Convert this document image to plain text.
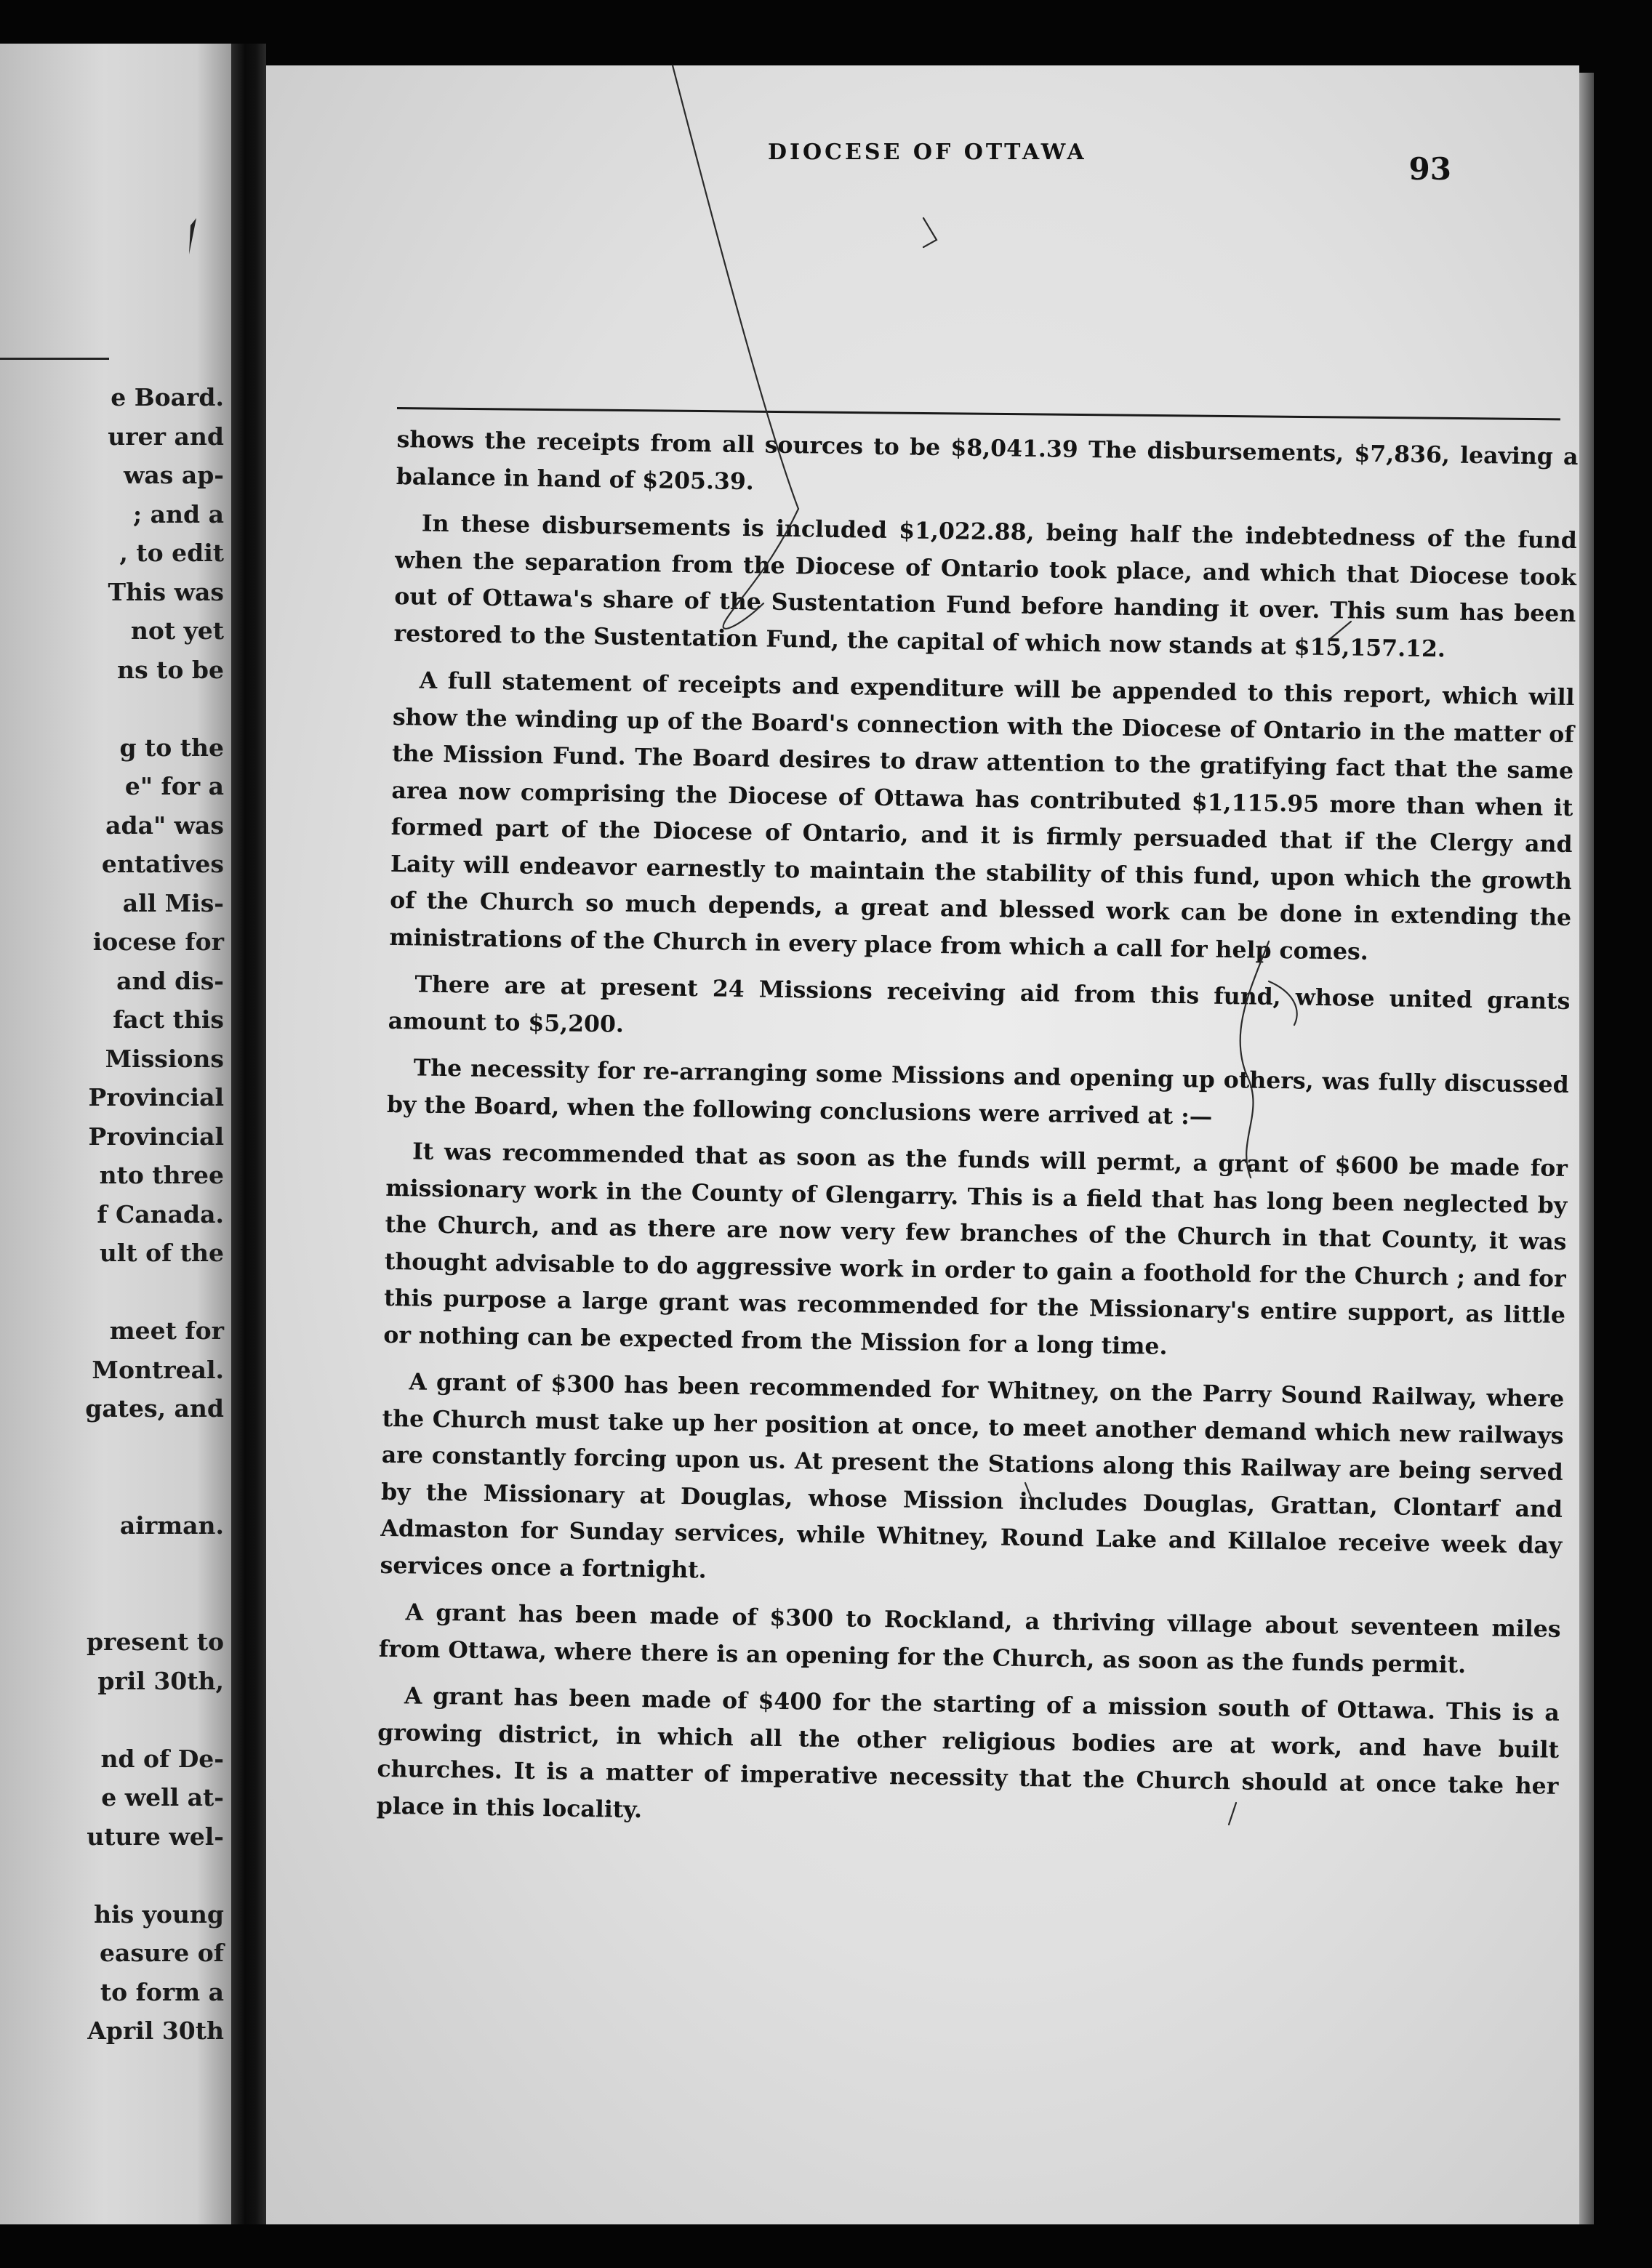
e Board.
urer and
was ap-
; and a
, to edit
This was
not yet
ns to be
g to the
e" for a
ada" was
entatives
all Mis-
iocese for
and dis-
fact this
Missions
Provincial
Provincial
nto three
f Canada.
ult of the
meet for
Montreal.
gates, and
airman.
present to
pril 30th,
nd of De-
e well at-
uture wel-
his young
easure of
to form a
April 30th
DIOCESE OF OTTAWA	93

shows the receipts from all sources to be $8,041.39 The disbursements, $7,836, leaving a balance in hand of $205.39.

In these disbursements is included $1,022.88, being half the indebtedness of the fund when the separation from the Diocese of Ontario took place, and which that Diocese took out of Ottawa's share of the Sustentation Fund before handing it over. This sum has been restored to the Sustentation Fund, the capital of which now stands at $15,157.12.

A full statement of receipts and expenditure will be appended to this report, which will show the winding up of the Board's connection with the Diocese of Ontario in the matter of the Mission Fund. The Board desires to draw attention to the gratifying fact that the same area now comprising the Diocese of Ottawa has contributed $1,115.95 more than when it formed part of the Diocese of Ontario, and it is firmly persuaded that if the Clergy and Laity will endeavor earnestly to maintain the stability of this fund, upon which the growth of the Church so much depends, a great and blessed work can be done in extending the ministrations of the Church in every place from which a call for help comes.

There are at present 24 Missions receiving aid from this fund, whose united grants amount to $5,200.

The necessity for re-arranging some Missions and opening up others, was fully discussed by the Board, when the following conclusions were arrived at :—

It was recommended that as soon as the funds will permt, a grant of $600 be made for missionary work in the County of Glengarry. This is a field that has long been neglected by the Church, and as there are now very few branches of the Church in that County, it was thought advisable to do aggressive work in order to gain a foothold for the Church ; and for this purpose a large grant was recommended for the Missionary's entire support, as little or nothing can be expected from the Mission for a long time.

A grant of $300 has been recommended for Whitney, on the Parry Sound Railway, where the Church must take up her position at once, to meet another demand which new railways are constantly forcing upon us. At present the Stations along this Railway are being served by the Missionary at Douglas, whose Mission includes Douglas, Grattan, Clontarf and Admaston for Sunday services, while Whitney, Round Lake and Killaloe receive week day services once a fortnight.

A grant has been made of $300 to Rockland, a thriving village about seventeen miles from Ottawa, where there is an opening for the Church, as soon as the funds permit.

A grant has been made of $400 for the starting of a mission south of Ottawa. This is a growing district, in which all the other religious bodies are at work, and have built churches. It is a matter of imperative necessity that the Church should at once take her place in this locality.
